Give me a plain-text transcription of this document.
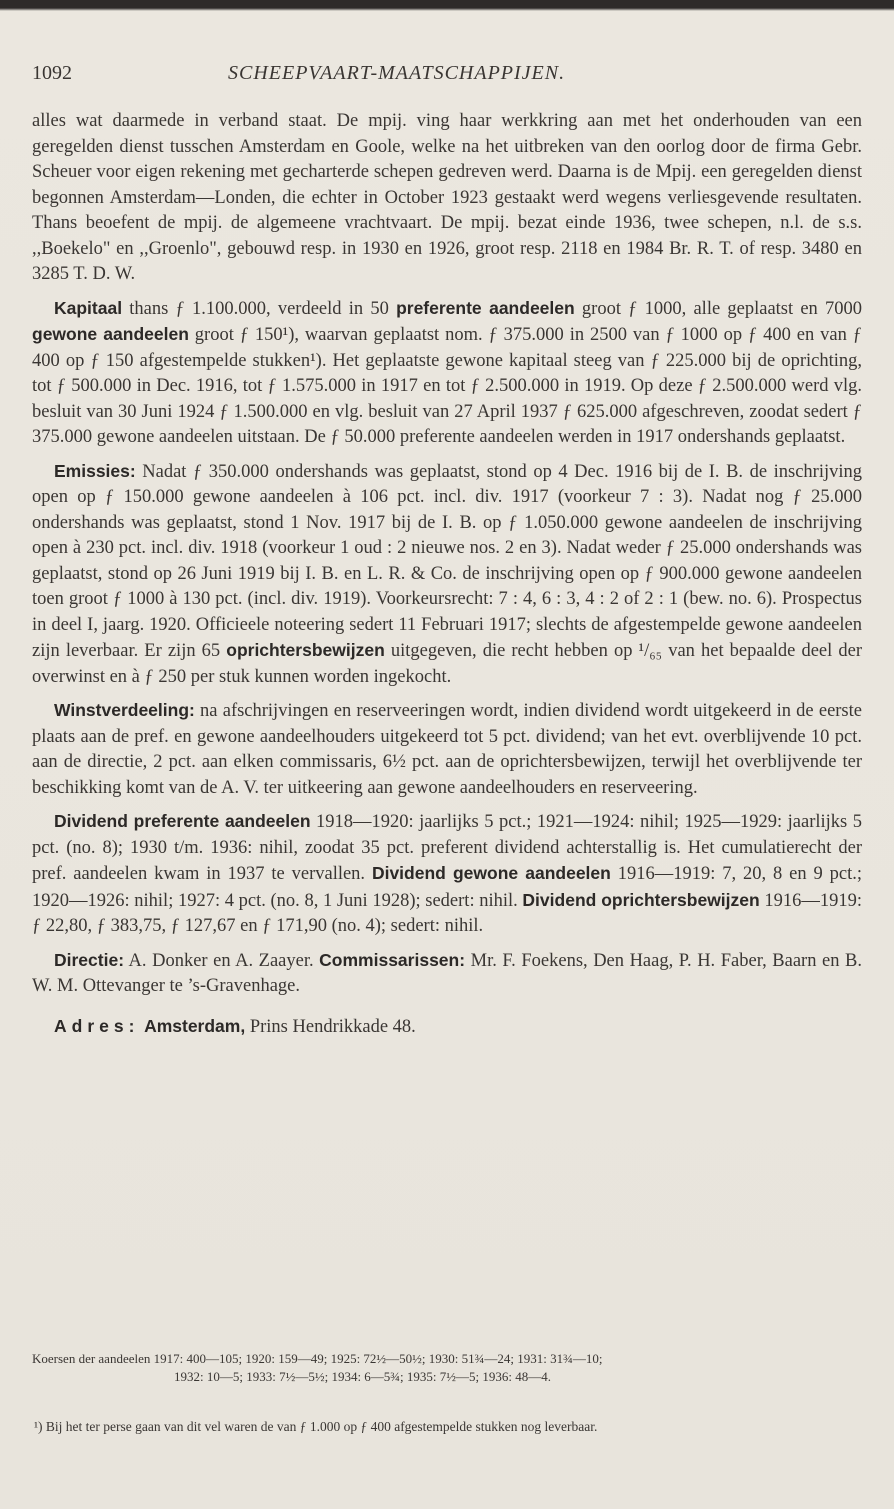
1092	SCHEEPVAART-MAATSCHAPPIJEN.

alles wat daarmede in verband staat. De mpij. ving haar werkkring aan met het onderhouden van een geregelden dienst tusschen Amsterdam en Goole, welke na het uitbreken van den oorlog door de firma Gebr. Scheuer voor eigen rekening met gecharterde schepen gedreven werd. Daarna is de Mpij. een geregelden dienst begonnen Amsterdam—Londen, die echter in October 1923 gestaakt werd wegens verliesgevende resultaten. Thans beoefent de mpij. de algemeene vrachtvaart. De mpij. bezat einde 1936, twee schepen, n.l. de s.s. ,,Boekelo" en ,,Groenlo", gebouwd resp. in 1930 en 1926, groot resp. 2118 en 1984 Br. R. T. of resp. 3480 en 3285 T. D. W.

Kapitaal thans ƒ 1.100.000, verdeeld in 50 preferente aandeelen groot ƒ 1000, alle geplaatst en 7000 gewone aandeelen groot ƒ 150¹), waarvan geplaatst nom. ƒ 375.000 in 2500 van ƒ 1000 op ƒ 400 en van ƒ 400 op ƒ 150 afgestempelde stukken¹). Het geplaatste gewone kapitaal steeg van ƒ 225.000 bij de oprichting, tot ƒ 500.000 in Dec. 1916, tot ƒ 1.575.000 in 1917 en tot ƒ 2.500.000 in 1919. Op deze ƒ 2.500.000 werd vlg. besluit van 30 Juni 1924 ƒ 1.500.000 en vlg. besluit van 27 April 1937 ƒ 625.000 afgeschreven, zoodat sedert ƒ 375.000 gewone aandeelen uitstaan. De ƒ 50.000 preferente aandeelen werden in 1917 ondershands geplaatst.

Emissies: Nadat ƒ 350.000 ondershands was geplaatst, stond op 4 Dec. 1916 bij de I. B. de inschrijving open op ƒ 150.000 gewone aandeelen à 106 pct. incl. div. 1917 (voorkeur 7 : 3). Nadat nog ƒ 25.000 ondershands was geplaatst, stond 1 Nov. 1917 bij de I. B. op ƒ 1.050.000 gewone aandeelen de inschrijving open à 230 pct. incl. div. 1918 (voorkeur 1 oud : 2 nieuwe nos. 2 en 3). Nadat weder ƒ 25.000 ondershands was geplaatst, stond op 26 Juni 1919 bij I. B. en L. R. & Co. de inschrijving open op ƒ 900.000 gewone aandeelen toen groot ƒ 1000 à 130 pct. (incl. div. 1919). Voorkeursrecht: 7 : 4, 6 : 3, 4 : 2 of 2 : 1 (bew. no. 6). Prospectus in deel I, jaarg. 1920. Officieele noteering sedert 11 Februari 1917; slechts de afgestempelde gewone aandeelen zijn leverbaar. Er zijn 65 oprichtersbewijzen uitgegeven, die recht hebben op ¹/₆₅ van het bepaalde deel der overwinst en à ƒ 250 per stuk kunnen worden ingekocht.

Winstverdeeling: na afschrijvingen en reserveeringen wordt, indien dividend wordt uitgekeerd in de eerste plaats aan de pref. en gewone aandeelhouders uitgekeerd tot 5 pct. dividend; van het evt. overblijvende 10 pct. aan de directie, 2 pct. aan elken commissaris, 6½ pct. aan de oprichtersbewijzen, terwijl het overblijvende ter beschikking komt van de A. V. ter uitkeering aan gewone aandeelhouders en reserveering.

Dividend preferente aandeelen 1918—1920: jaarlijks 5 pct.; 1921—1924: nihil; 1925—1929: jaarlijks 5 pct. (no. 8); 1930 t/m. 1936: nihil, zoodat 35 pct. preferent dividend achterstallig is. Het cumulatierecht der pref. aandeelen kwam in 1937 te vervallen. Dividend gewone aandeelen 1916—1919: 7, 20, 8 en 9 pct.; 1920—1926: nihil; 1927: 4 pct. (no. 8, 1 Juni 1928); sedert: nihil. Dividend oprichtersbewijzen 1916—1919: ƒ 22,80, ƒ 383,75, ƒ 127,67 en ƒ 171,90 (no. 4); sedert: nihil.

Directie: A. Donker en A. Zaayer. Commissarissen: Mr. F. Foekens, Den Haag, P. H. Faber, Baarn en B. W. M. Ottevanger te ’s-Gravenhage.

Adres: Amsterdam, Prins Hendrikkade 48.

Koersen der aandeelen 1917: 400—105; 1920: 159—49; 1925: 72½—50½; 1930: 51¾—24; 1931: 31¾—10;
1932: 10—5; 1933: 7½—5½; 1934: 6—5¾; 1935: 7½—5; 1936: 48—4.
¹) Bij het ter perse gaan van dit vel waren de van ƒ 1.000 op ƒ 400 afgestempelde stukken nog leverbaar.
